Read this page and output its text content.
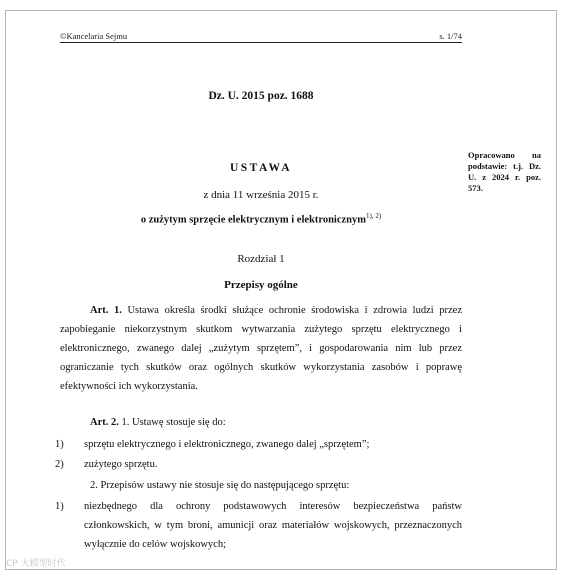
©Kancelaria Sejmu	s. 1/74
Dz. U. 2015 poz. 1688
Opracowano na podstawie: t.j. Dz. U. z 2024 r. poz. 573.
USTAWA
z dnia 11 września 2015 r.
o zużytym sprzęcie elektrycznym i elektronicznym$^{1), 2)}$
Rozdział 1
Przepisy ogólne
Art. 1. Ustawa określa środki służące ochronie środowiska i zdrowia ludzi przez zapobieganie niekorzystnym skutkom wytwarzania zużytego sprzętu elektrycznego i elektronicznego, zwanego dalej „zużytym sprzętem”, i gospodarowania nim lub przez ograniczanie tych skutków oraz ogólnych skutków wykorzystania zasobów i poprawę efektywności ich wykorzystania.
Art. 2. 1. Ustawę stosuje się do:
1) sprzętu elektrycznego i elektronicznego, zwanego dalej „sprzętem”;
2) zużytego sprzętu.
2. Przepisów ustawy nie stosuje się do następującego sprzętu:
1) niezbędnego dla ochrony podstawowych interesów bezpieczeństwa państw członkowskich, w tym broni, amunicji oraz materiałów wojskowych, przeznaczonych wyłącznie do celów wojskowych;
CP 大模型时代
